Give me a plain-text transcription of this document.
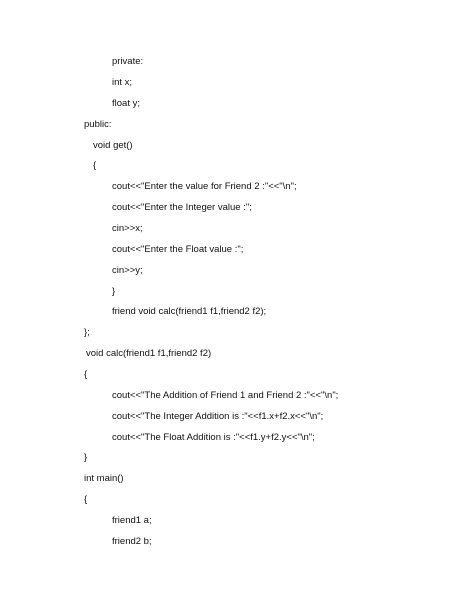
private:
int x;
float y;
public:
void get()
{
cout<<"Enter the value for Friend 2 :"<<"\n";
cout<<"Enter the Integer value :";
cin>>x;
cout<<"Enter the Float value :";
cin>>y;
}
friend void calc(friend1 f1,friend2 f2);
};
void calc(friend1 f1,friend2 f2)
{
cout<<"The Addition of Friend 1 and Friend 2 :"<<"\n";
cout<<"The Integer Addition is :"<<f1.x+f2.x<<"\n";
cout<<"The Float Addition is :"<<f1.y+f2.y<<"\n";
}
int main()
{
friend1 a;
friend2 b;
